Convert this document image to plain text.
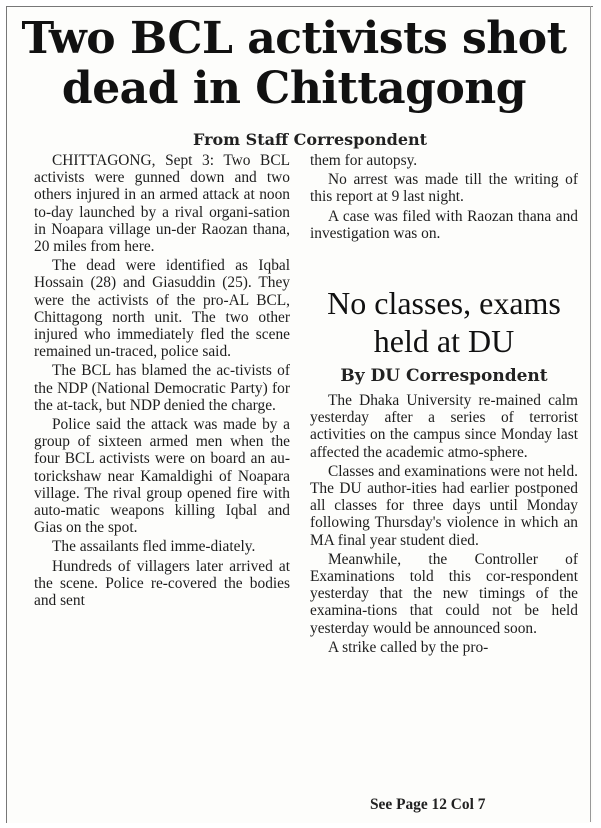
Two BCL activists shot
dead in Chittagong
From Staff Correspondent

CHITTAGONG, Sept 3: Two BCL activists were gunned down and two others injured in an armed attack at noon to-day launched by a rival organi-sation in Noapara village un-der Raozan thana, 20 miles from here.

The dead were identified as Iqbal Hossain (28) and Giasuddin (25). They were the activists of the pro-AL BCL, Chittagong north unit. The two other injured who immediately fled the scene remained un-traced, police said.

The BCL has blamed the ac-tivists of the NDP (National Democratic Party) for the at-tack, but NDP denied the charge.

Police said the attack was made by a group of sixteen armed men when the four BCL activists were on board an au-torickshaw near Kamaldighi of Noapara village. The rival group opened fire with auto-matic weapons killing Iqbal and Gias on the spot.

The assailants fled imme-diately.

Hundreds of villagers later arrived at the scene. Police re-covered the bodies and sent

them for autopsy.

No arrest was made till the writing of this report at 9 last night.

A case was filed with Raozan thana and investigation was on.

No classes, exams
held at DU
By DU Correspondent

The Dhaka University re-mained calm yesterday after a series of terrorist activities on the campus since Monday last affected the academic atmo-sphere.

Classes and examinations were not held. The DU author-ities had earlier postponed all classes for three days until Monday following Thursday's violence in which an MA final year student died.

Meanwhile, the Controller of Examinations told this cor-respondent yesterday that the new timings of the examina-tions that could not be held yesterday would be announced soon.

A strike called by the pro-

See Page 12 Col 7
